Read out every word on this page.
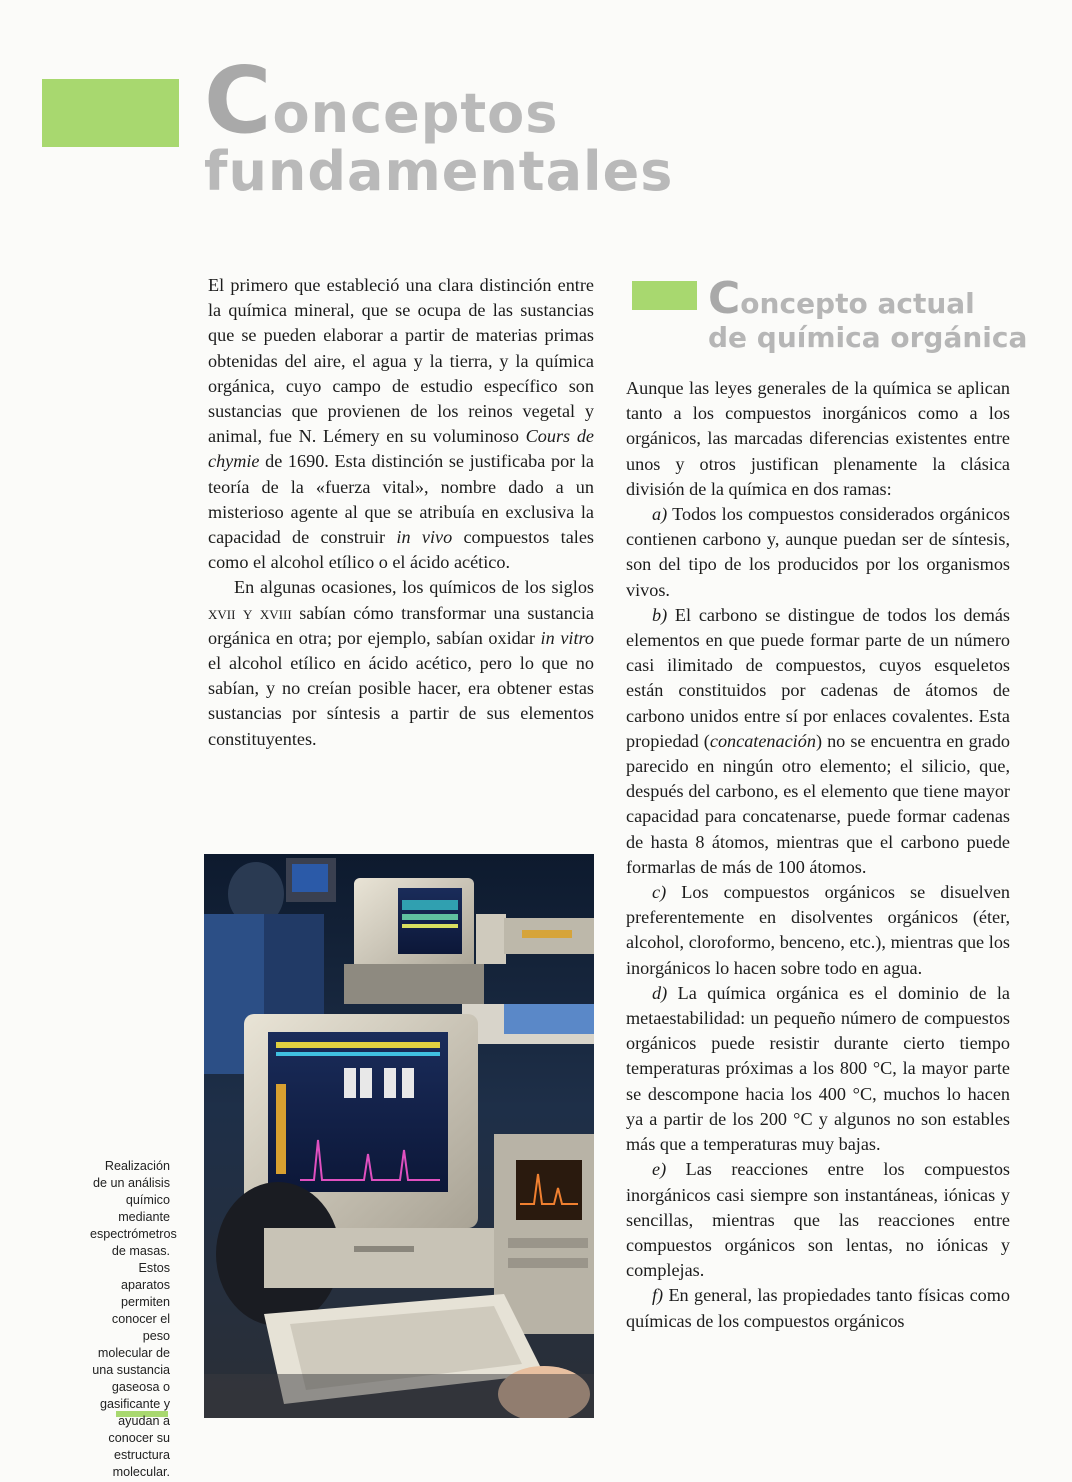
Conceptos
fundamentales
Concepto actual
de química orgánica

El primero que estableció una clara distinción entre la química mineral, que se ocupa de las sustancias que se pueden elaborar a partir de materias primas obtenidas del aire, el agua y la tierra, y la química orgánica, cuyo campo de estudio específico son sustancias que provienen de los reinos vegetal y animal, fue N. Lémery en su voluminoso Cours de chymie de 1690. Esta distinción se justificaba por la teoría de la «fuerza vital», nombre dado a un misterioso agente al que se atribuía en exclusiva la capacidad de construir in vivo compuestos tales como el alcohol etílico o el ácido acético.

En algunas ocasiones, los químicos de los siglos xvii y xviii sabían cómo transformar una sustancia orgánica en otra; por ejemplo, sabían oxidar in vitro el alcohol etílico en ácido acético, pero lo que no sabían, y no creían posible hacer, era obtener estas sustancias por síntesis a partir de sus elementos constituyentes.

Realización de un análisis químico mediante espectrómetros de masas. Estos aparatos permiten conocer el peso molecular de una sustancia gaseosa o gasificante y ayudan a conocer su estructura molecular.

Aunque las leyes generales de la química se aplican tanto a los compuestos inorgánicos como a los orgánicos, las marcadas diferencias existentes entre unos y otros justifican plenamente la clásica división de la química en dos ramas:

a) Todos los compuestos considerados orgánicos contienen carbono y, aunque puedan ser de síntesis, son del tipo de los producidos por los organismos vivos.

b) El carbono se distingue de todos los demás elementos en que puede formar parte de un número casi ilimitado de compuestos, cuyos esqueletos están constituidos por cadenas de átomos de carbono unidos entre sí por enlaces covalentes. Esta propiedad (concatenación) no se encuentra en grado parecido en ningún otro elemento; el silicio, que, después del carbono, es el elemento que tiene mayor capacidad para concatenarse, puede formar cadenas de hasta 8 átomos, mientras que el carbono puede formarlas de más de 100 átomos.

c) Los compuestos orgánicos se disuelven preferentemente en disolventes orgánicos (éter, alcohol, cloroformo, benceno, etc.), mientras que los inorgánicos lo hacen sobre todo en agua.

d) La química orgánica es el dominio de la metaestabilidad: un pequeño número de compuestos orgánicos puede resistir durante cierto tiempo temperaturas próximas a los 800 °C, la mayor parte se descompone hacia los 400 °C, muchos lo hacen ya a partir de los 200 °C y algunos no son estables más que a temperaturas muy bajas.

e) Las reacciones entre los compuestos inorgánicos casi siempre son instantáneas, iónicas y sencillas, mientras que las reacciones entre compuestos orgánicos son lentas, no iónicas y complejas.

f) En general, las propiedades tanto físicas como químicas de los compuestos orgánicos
